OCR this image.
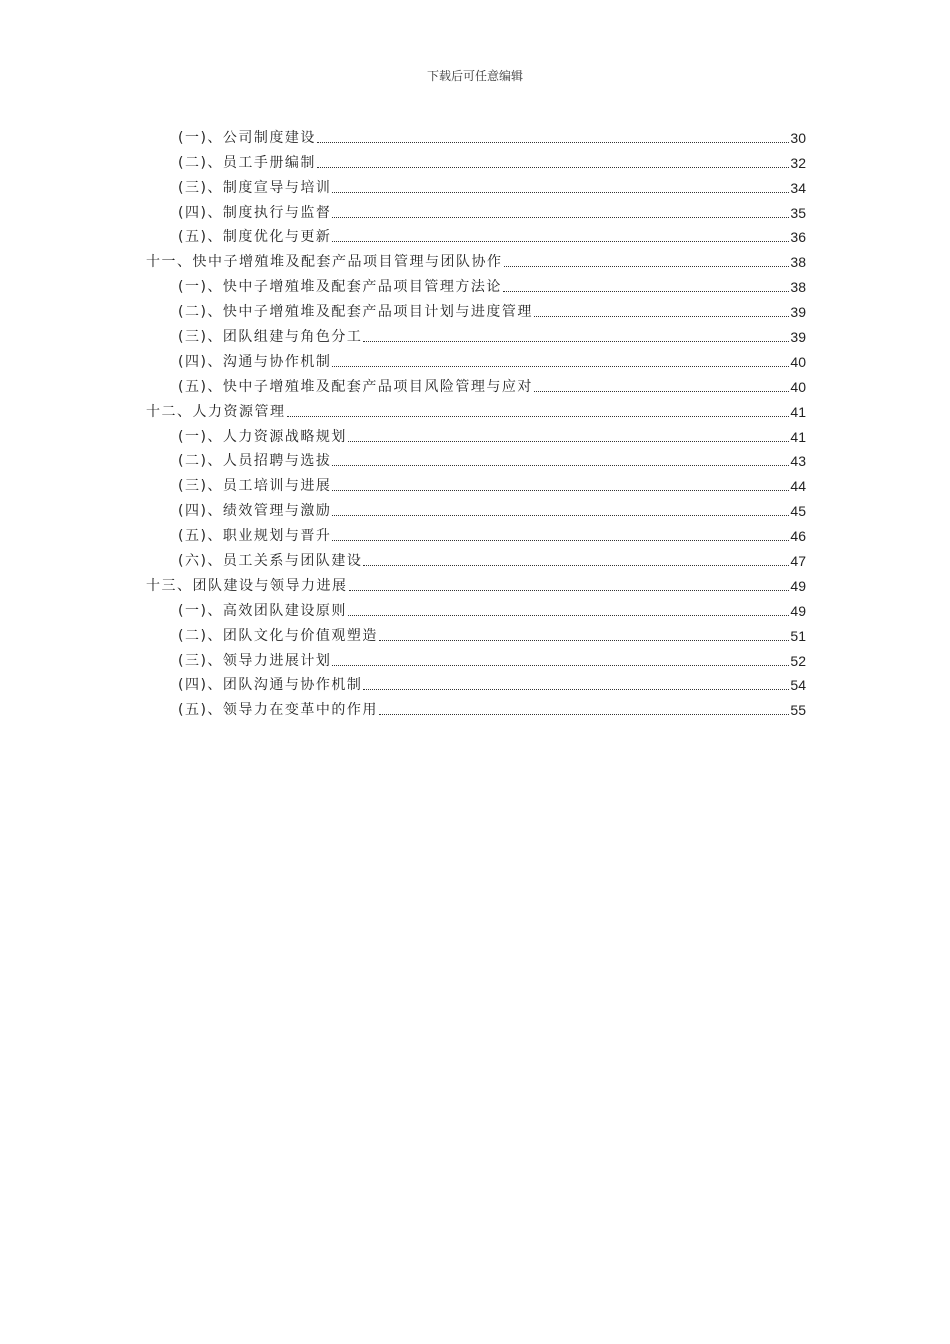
下载后可任意编辑
(一)、公司制度建设	30
(二)、员工手册编制	32
(三)、制度宣导与培训	34
(四)、制度执行与监督	35
(五)、制度优化与更新	36
十一、快中子增殖堆及配套产品项目管理与团队协作	38
(一)、快中子增殖堆及配套产品项目管理方法论	38
(二)、快中子增殖堆及配套产品项目计划与进度管理	39
(三)、团队组建与角色分工	39
(四)、沟通与协作机制	40
(五)、快中子增殖堆及配套产品项目风险管理与应对	40
十二、人力资源管理	41
(一)、人力资源战略规划	41
(二)、人员招聘与选拔	43
(三)、员工培训与进展	44
(四)、绩效管理与激励	45
(五)、职业规划与晋升	46
(六)、员工关系与团队建设	47
十三、团队建设与领导力进展	49
(一)、高效团队建设原则	49
(二)、团队文化与价值观塑造	51
(三)、领导力进展计划	52
(四)、团队沟通与协作机制	54
(五)、领导力在变革中的作用	55
